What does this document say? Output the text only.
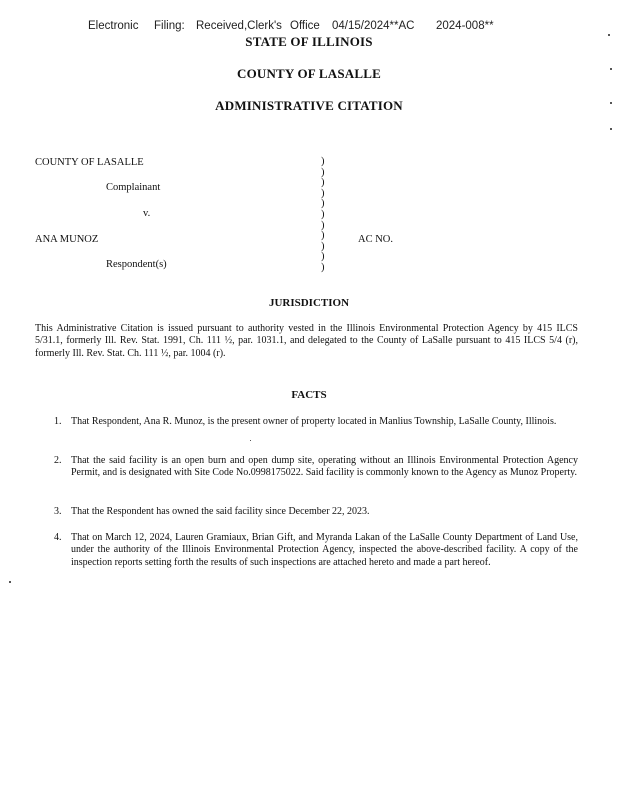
Electronic Filing: Received,Clerk's Office 04/15/2024**AC 2024-008**
STATE OF ILLINOIS
COUNTY OF LASALLE
ADMINISTRATIVE CITATION
COUNTY OF LASALLE
Complainant
v.
ANA MUNOZ
Respondent(s)
AC NO.
)
)
)
)
)
)
)
)
)
)
)
JURISDICTION
This Administrative Citation is issued pursuant to authority vested in the Illinois Environmental Protection Agency by 415 ILCS 5/31.1, formerly Ill. Rev. Stat. 1991, Ch. 111 ½, par. 1031.1, and delegated to the County of LaSalle pursuant to 415 ILCS 5/4 (r), formerly Ill. Rev. Stat. Ch. 111 ½, par. 1004 (r).
FACTS
1. That Respondent, Ana R. Munoz, is the present owner of property located in Manlius Township, LaSalle County, Illinois.
2. That the said facility is an open burn and open dump site, operating without an Illinois Environmental Protection Agency Permit, and is designated with Site Code No.0998175022. Said facility is commonly known to the Agency as Munoz Property.
3. That the Respondent has owned the said facility since December 22, 2023.
4. That on March 12, 2024, Lauren Gramiaux, Brian Gift, and Myranda Lakan of the LaSalle County Department of Land Use, under the authority of the Illinois Environmental Protection Agency, inspected the above-described facility. A copy of the inspection reports setting forth the results of such inspections are attached hereto and made a part hereof.
